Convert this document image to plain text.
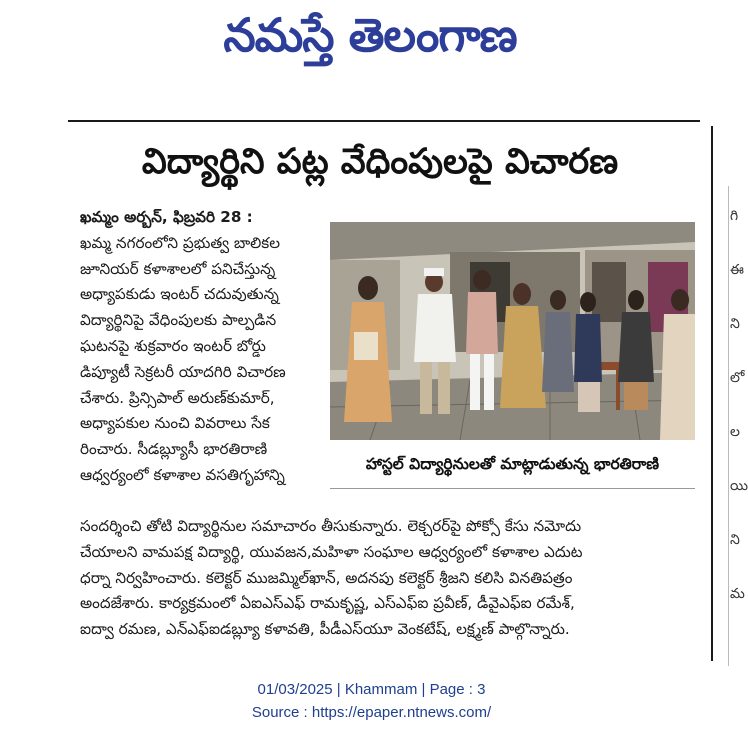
నమస్తే తెలంగాణ
విద్యార్థిని పట్ల వేధింపులపై విచారణ
ఖమ్మం అర్బన్, ఫిబ్రవరి 28 :
ఖమ్మ నగరంలోని ప్రభుత్వ బాలికల
జూనియర్ కళాశాలలో పనిచేస్తున్న
అధ్యాపకుడు ఇంటర్ చదువుతున్న
విద్యార్థినిపై వేధింపులకు పాల్పడిన
ఘటనపై శుక్రవారం ఇంటర్ బోర్డు
డిప్యూటీ సెక్రటరీ యాదగిరి విచారణ
చేశారు. ప్రిన్సిపాల్ అరుణ్‌కుమార్,
అధ్యాపకుల నుంచి వివరాలు సేక
రించారు. సీడబ్ల్యూసీ భారతిరాణి
ఆధ్వర్యంలో కళాశాల వసతిగృహాన్ని
హాస్టల్ విద్యార్థినులతో మాట్లాడుతున్న భారతిరాణి
సందర్శించి తోటి విద్యార్థినుల సమాచారం తీసుకున్నారు. లెక్చరర్‌పై పోక్సో కేసు నమోదు
చేయాలని వామపక్ష విద్యార్థి, యువజన,మహిళా సంఘాల ఆధ్వర్యంలో కళాశాల ఎదుట
ధర్నా నిర్వహించారు. కలెక్టర్ ముజమ్మిల్‌ఖాన్, అదనపు కలెక్టర్ శ్రీజని కలిసి వినతిపత్రం
అందజేశారు. కార్యక్రమంలో ఏఐఎస్ఎఫ్ రామకృష్ణ, ఎస్ఎఫ్ఐ ప్రవీణ్, డీవైఎఫ్ఐ రమేశ్,
ఐద్వా రమణ, ఎన్ఎఫ్ఐడబ్ల్యూ కళావతి, పీడీఎస్‌యూ వెంకటేష్, లక్ష్మణ్ పాల్గొన్నారు.
గి
ఈ
ని
లో
ల
యి
ని
మ
01/03/2025 | Khammam | Page : 3
Source : https://epaper.ntnews.com/
